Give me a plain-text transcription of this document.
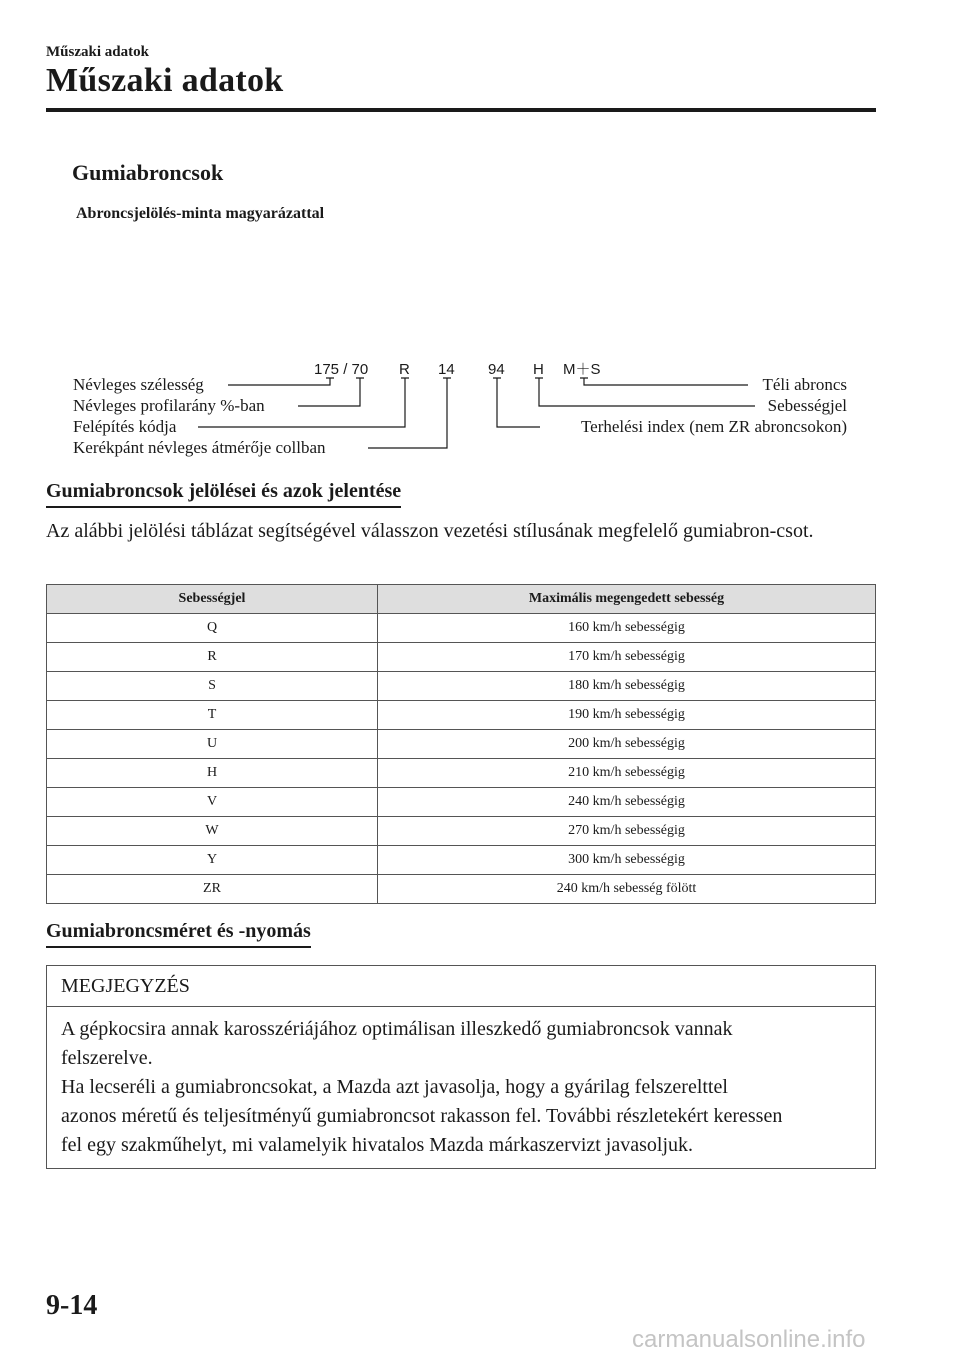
Műszaki adatok
Műszaki adatok
Gumiabroncsok
Abroncsjelölés-minta magyarázattal
175 / 70 R 14 94 H M＋S
Névleges szélesség
Névleges profilarány %-ban
Felépítés kódja
Kerékpánt névleges átmérője collban
Téli abroncs
Sebességjel
Terhelési index (nem ZR abroncsokon)
Gumiabroncsok jelölései és azok jelentése
Az alábbi jelölési táblázat segítségével válasszon vezetési stílusának megfelelő gumiabron-csot.
Sebességjel	Maximális megengedett sebesség
Q	160 km/h sebességig
R	170 km/h sebességig
S	180 km/h sebességig
T	190 km/h sebességig
U	200 km/h sebességig
H	210 km/h sebességig
V	240 km/h sebességig
W	270 km/h sebességig
Y	300 km/h sebességig
ZR	240 km/h sebesség fölött
Gumiabroncsméret és -nyomás
MEGJEGYZÉS
A gépkocsira annak karosszériájához optimálisan illeszkedő gumiabroncsok vannak
felszerelve.
Ha lecseréli a gumiabroncsokat, a Mazda azt javasolja, hogy a gyárilag felszerelttel
azonos méretű és teljesítményű gumiabroncsot rakasson fel. További részletekért keressen
fel egy szakműhelyt, mi valamelyik hivatalos Mazda márkaszervizt javasoljuk.
9-14
carmanualsonline.info
